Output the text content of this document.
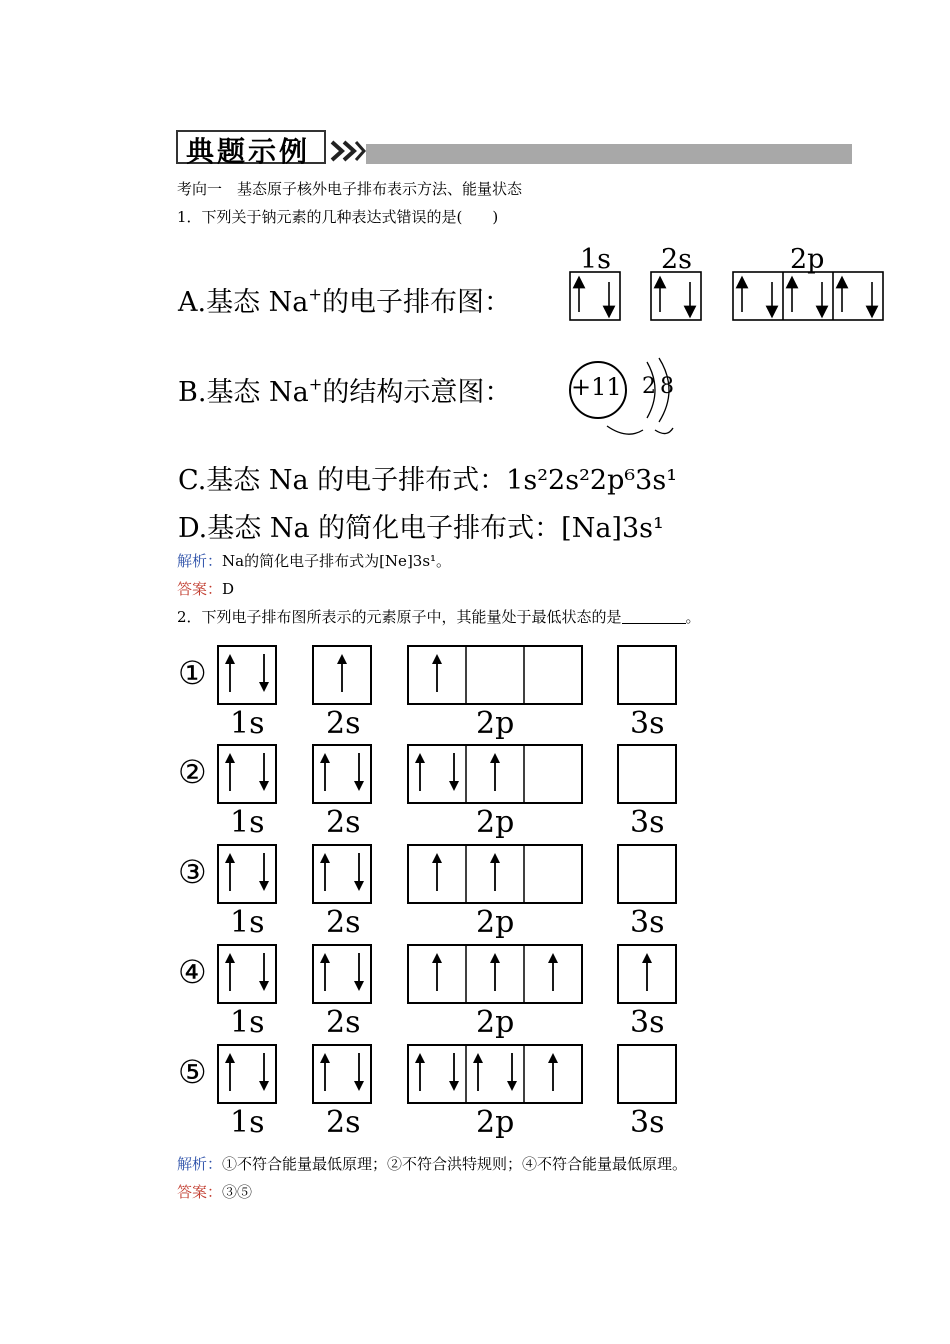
典题示例
考向一　基态原子核外电子排布表示方法、能量状态
1．下列关于钠元素的几种表达式错误的是(　　)
A.基态 Na+的电子排布图：
1s 2s	2p
B.基态 Na+的结构示意图： +11 2 8
C.基态 Na 的电子排布式：1s²2s²2p⁶3s¹
D.基态 Na 的简化电子排布式：[Na]3s¹
解析：Na的简化电子排布式为[Ne]3s¹。
答案：D
2．下列电子排布图所表示的元素原子中，其能量处于最低状态的是	。
①
1s 2s	2p	3s
②
1s 2s	2p	3s
③
1s 2s	2p	3s
④
1s 2s	2p	3s
⑤
1s 2s	2p	3s
解析：①不符合能量最低原理；②不符合洪特规则；④不符合能量最低原理。
答案：③⑤
